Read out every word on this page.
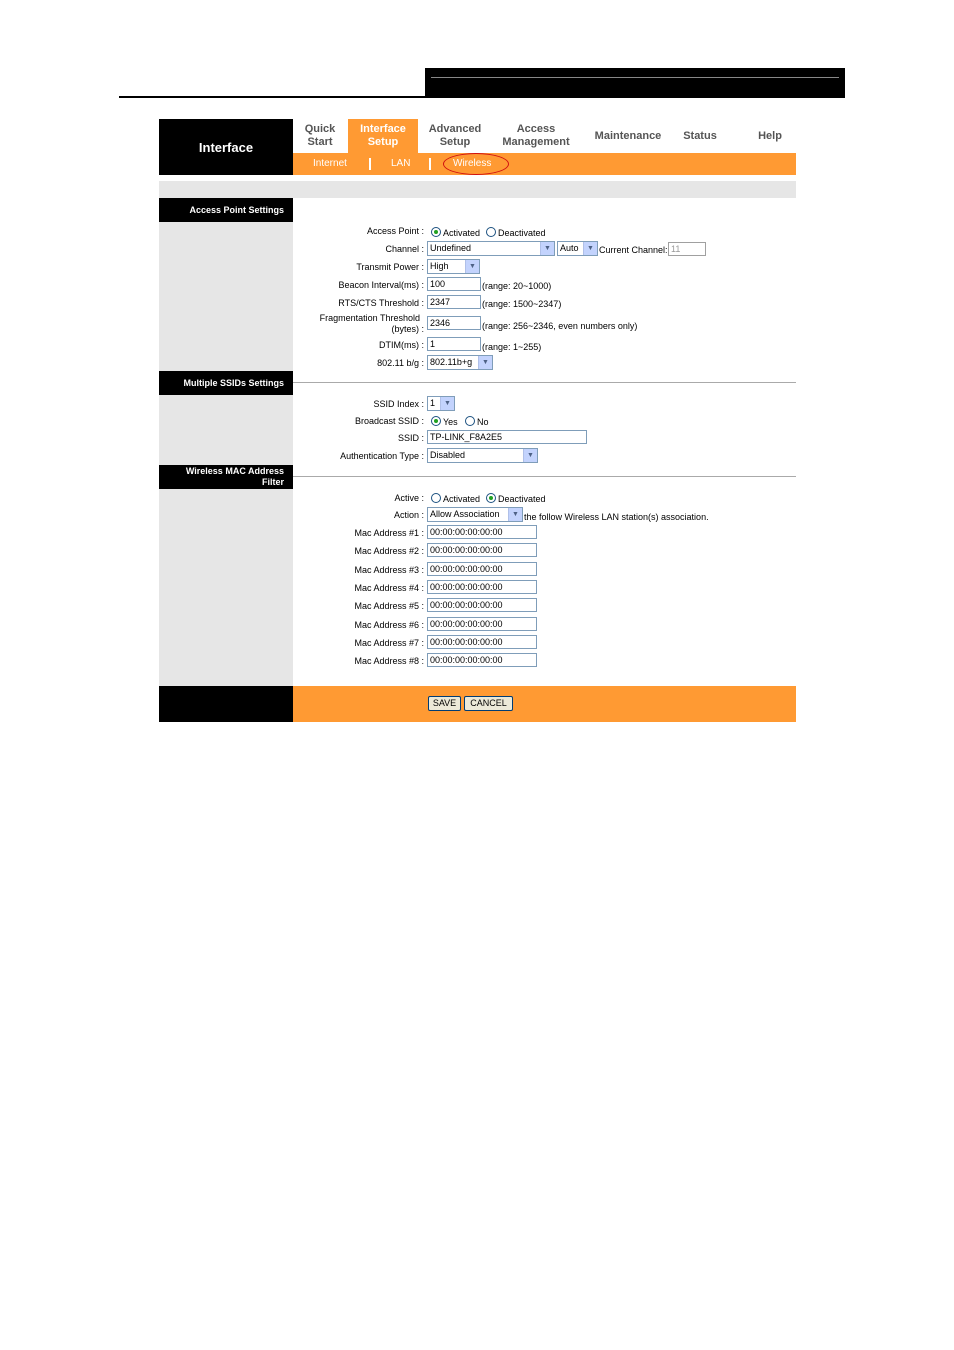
Interface
Quick
Start
Interface
Setup
Advanced
Setup
Access
Management
Maintenance Status	Help
Internet	LAN	Wireless
Access Point Settings
Access Point : Activated Deactivated
Channel : Undefined	▼	Auto	▼ Current Channel: 11
Transmit Power : High	▼
Beacon Interval(ms) : 100	(range: 20~1000)
RTS/CTS Threshold : 2347	(range: 1500~2347)
Fragmentation Threshold
(bytes) :
2346	(range: 256~2346, even numbers only)
DTIM(ms) : 1	(range: 1~255)
802.11 b/g : 802.11b+g	▼
Multiple SSIDs Settings
SSID Index : 1	▼
Broadcast SSID : Yes No
SSID : TP-LINK_F8A2E5
Authentication Type : Disabled	▼
Wireless MAC Address
Filter
Active : Activated Deactivated
Action : Allow Association	▼ the follow Wireless LAN station(s) association.
Mac Address #1 : 00:00:00:00:00:00
Mac Address #2 : 00:00:00:00:00:00
Mac Address #3 : 00:00:00:00:00:00
Mac Address #4 : 00:00:00:00:00:00
Mac Address #5 : 00:00:00:00:00:00
Mac Address #6 : 00:00:00:00:00:00
Mac Address #7 : 00:00:00:00:00:00
Mac Address #8 : 00:00:00:00:00:00
SAVE	CANCEL
